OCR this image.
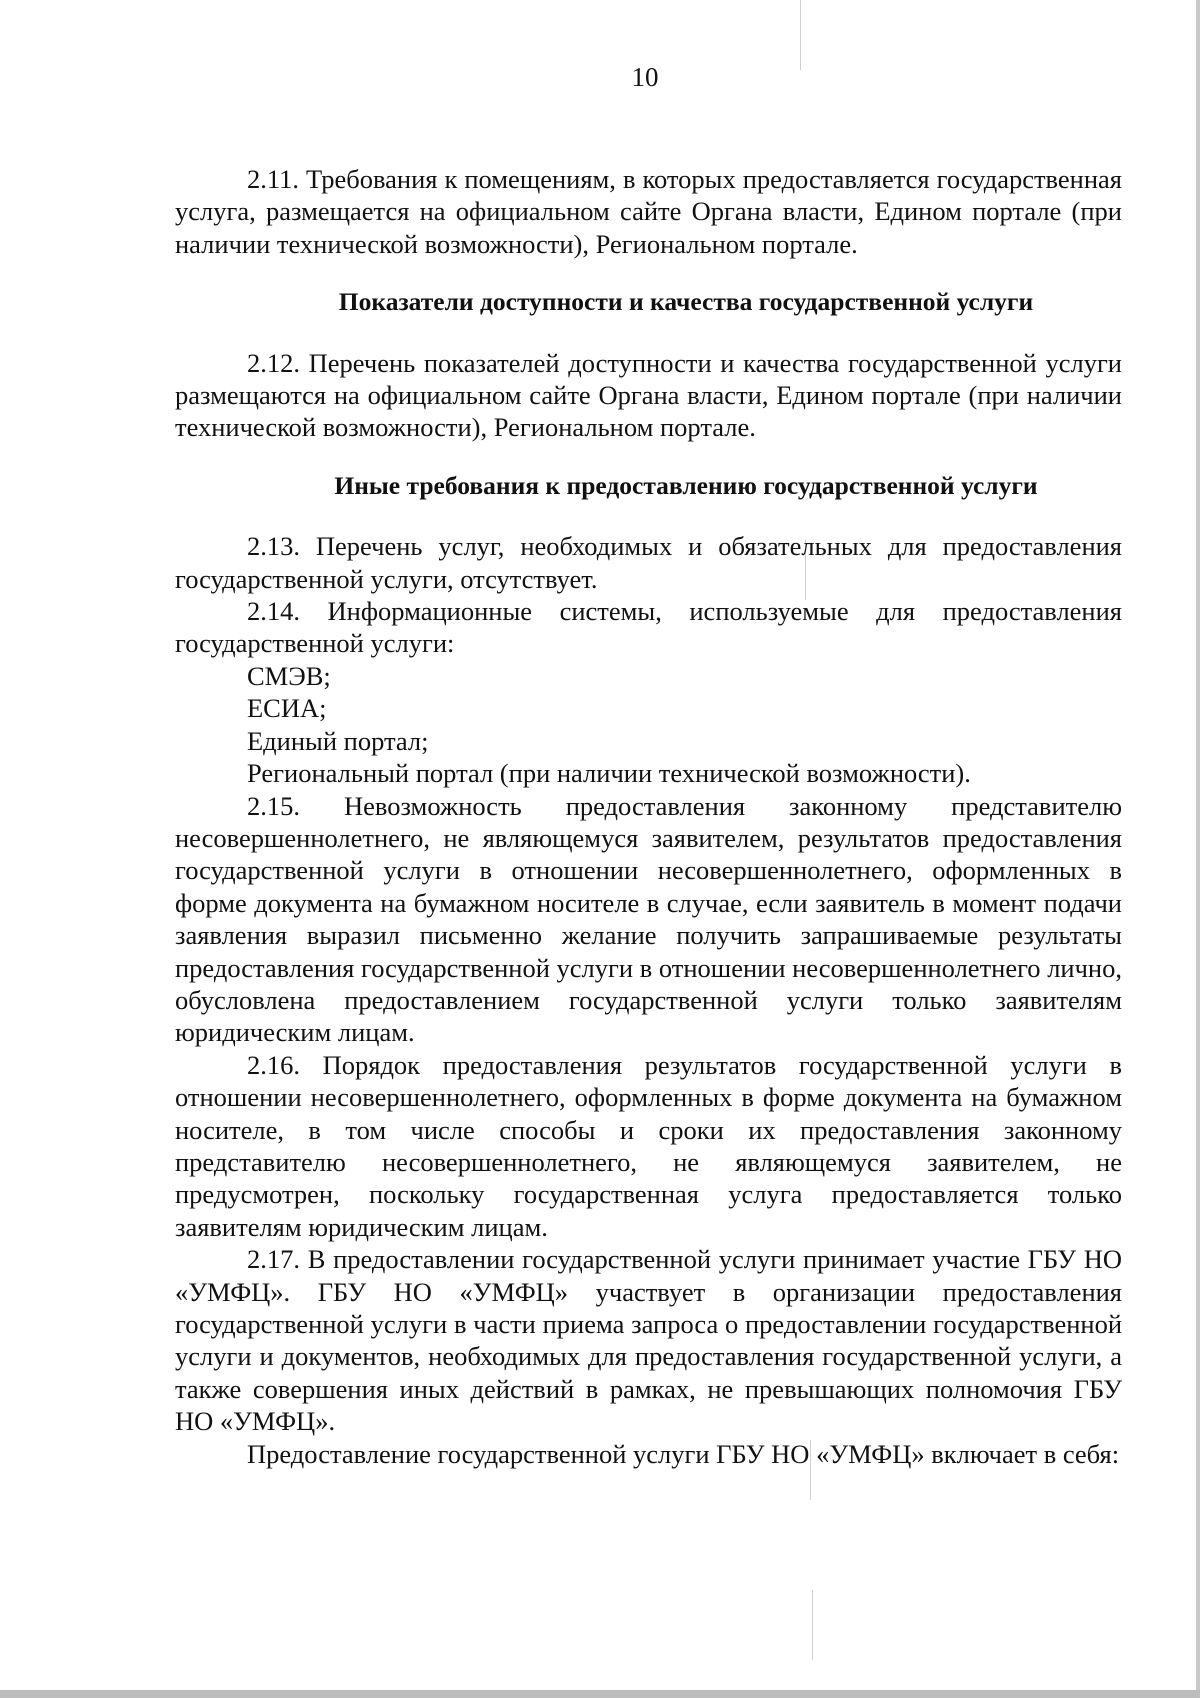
10

2.11. Требования к помещениям, в которых предоставляется государственная услуга, размещается на официальном сайте Органа власти, Едином портале (при наличии технической возможности), Региональном портале.

Показатели доступности и качества государственной услуги

2.12. Перечень показателей доступности и качества государственной услуги размещаются на официальном сайте Органа власти, Едином портале (при наличии технической возможности), Региональном портале.

Иные требования к предоставлению государственной услуги

2.13. Перечень услуг, необходимых и обязательных для предоставления государственной услуги, отсутствует.

2.14. Информационные системы, используемые для предоставления государственной услуги:

СМЭВ;

ЕСИА;

Единый портал;

Региональный портал (при наличии технической возможности).

2.15. Невозможность предоставления законному представителю несовершеннолетнего, не являющемуся заявителем, результатов предоставления государственной услуги в отношении несовершеннолетнего, оформленных в форме документа на бумажном носителе в случае, если заявитель в момент подачи заявления выразил письменно желание получить запрашиваемые результаты предоставления государственной услуги в отношении несовершеннолетнего лично, обусловлена предоставлением государственной услуги только заявителям юридическим лицам.

2.16. Порядок предоставления результатов государственной услуги в отношении несовершеннолетнего, оформленных в форме документа на бумажном носителе, в том числе способы и сроки их предоставления законному представителю несовершеннолетнего, не являющемуся заявителем, не предусмотрен, поскольку государственная услуга предоставляется только заявителям юридическим лицам.

2.17. В предоставлении государственной услуги принимает участие ГБУ НО «УМФЦ». ГБУ НО «УМФЦ» участвует в организации предоставления государственной услуги в части приема запроса о предоставлении государственной услуги и документов, необходимых для предоставления государственной услуги, а также совершения иных действий в рамках, не превышающих полномочия ГБУ НО «УМФЦ».

Предоставление государственной услуги ГБУ НО «УМФЦ» включает в себя:
